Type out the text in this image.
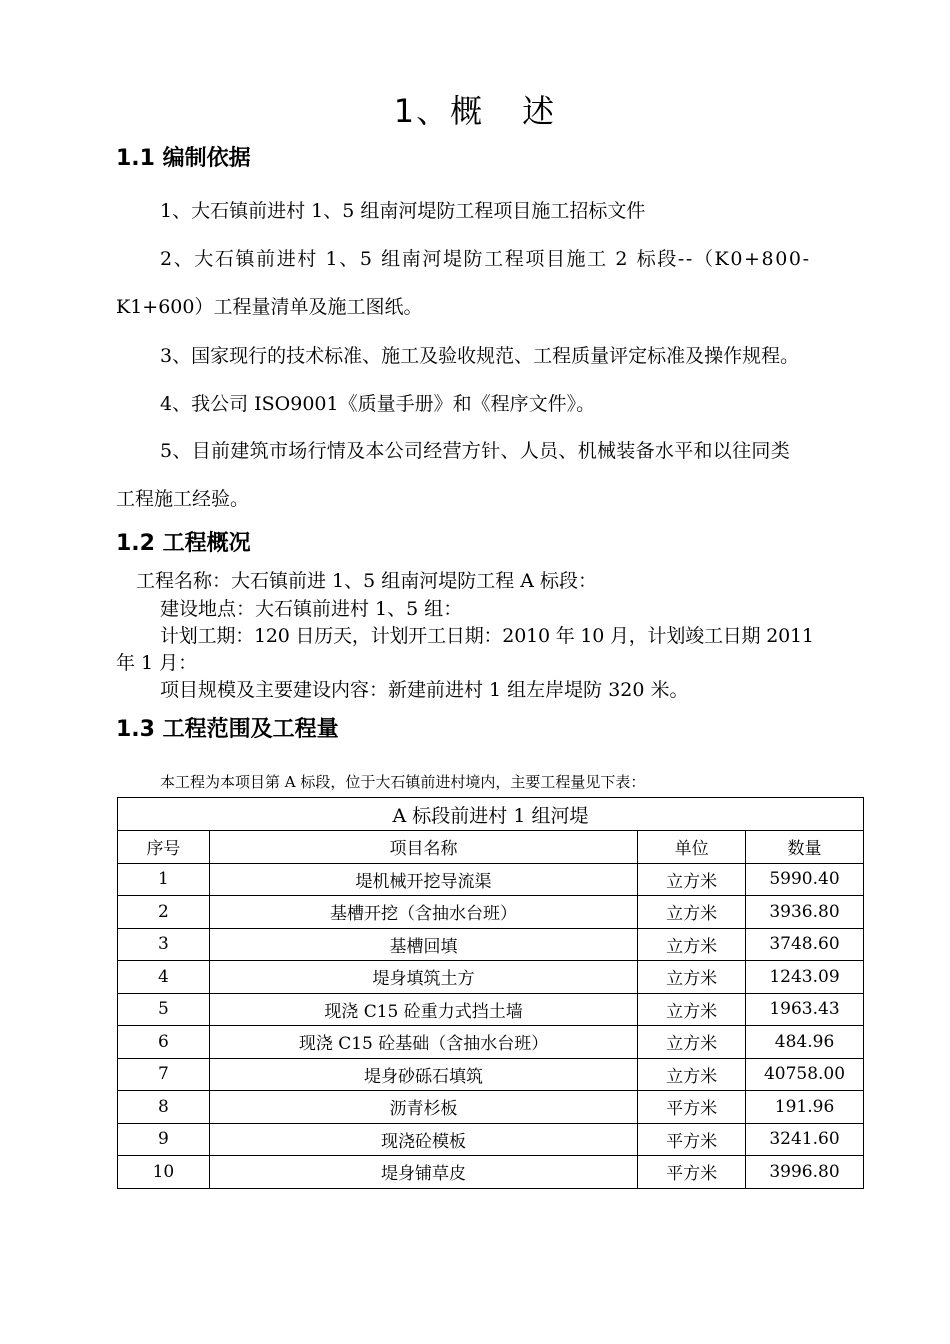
1、概 述
1.1 编制依据
1、大石镇前进村 1、5 组南河堤防工程项目施工招标文件
2、大石镇前进村 1、5 组南河堤防工程项目施工 2 标段--（K0+800-
K1+600）工程量清单及施工图纸。
3、国家现行的技术标准、施工及验收规范、工程质量评定标准及操作规程。
4、我公司 ISO9001《质量手册》和《程序文件》。
5、目前建筑市场行情及本公司经营方针、人员、机械装备水平和以往同类
工程施工经验。
1.2 工程概况
工程名称：大石镇前进 1、5 组南河堤防工程 A 标段：
建设地点：大石镇前进村 1、5 组：
计划工期：120 日历天，计划开工日期：2010 年 10 月，计划竣工日期 2011
年 1 月：
项目规模及主要建设内容：新建前进村 1 组左岸堤防 320 米。
1.3 工程范围及工程量
本工程为本项目第 A 标段，位于大石镇前进村境内，主要工程量见下表：
A 标段前进村 1 组河堤			
序号	项目名称	单位	数量
1	堤机械开挖导流渠	立方米	5990.40
2	基槽开挖（含抽水台班）	立方米	3936.80
3	基槽回填	立方米	3748.60
4	堤身填筑土方	立方米	1243.09
5	现浇 C15 砼重力式挡土墙	立方米	1963.43
6	现浇 C15 砼基础（含抽水台班）	立方米	484.96
7	堤身砂砾石填筑	立方米	40758.00
8	沥青杉板	平方米	191.96
9	现浇砼模板	平方米	3241.60
10	堤身铺草皮	平方米	3996.80
